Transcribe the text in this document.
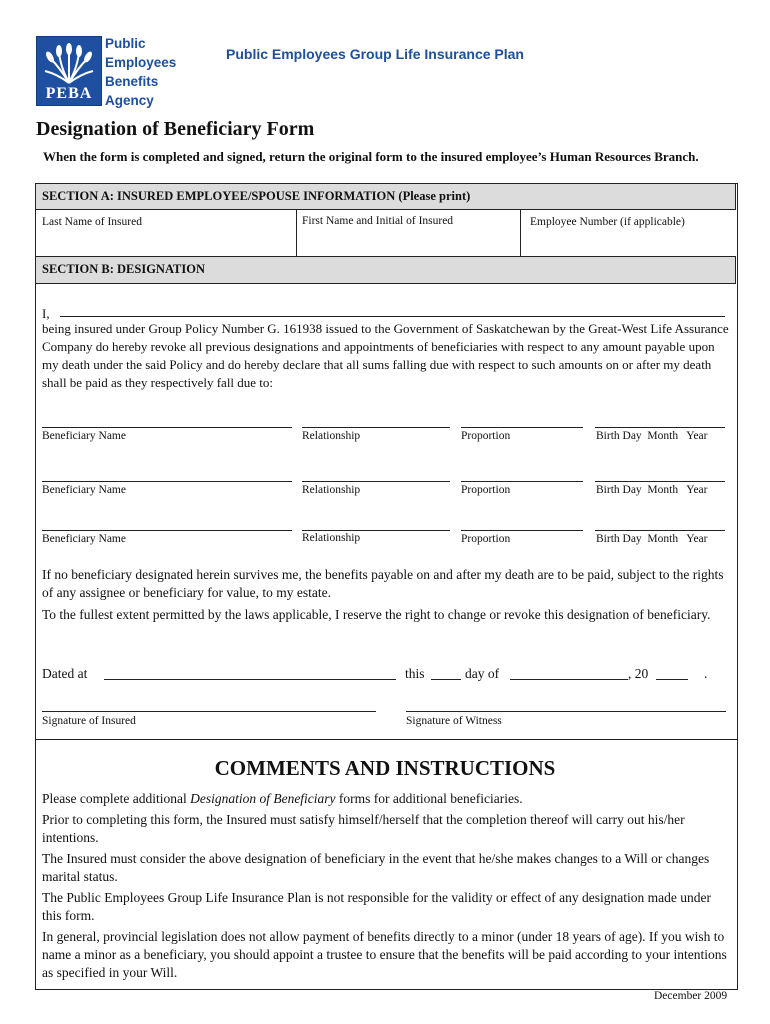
PEBA
Public
Employees
Benefits
Agency
Public Employees Group Life Insurance Plan
Designation of Beneficiary Form
When the form is completed and signed, return the original form to the insured employee’s Human Resources Branch.
SECTION A: INSURED EMPLOYEE/SPOUSE INFORMATION (Please print)
Last Name of Insured	First Name and Initial of Insured	Employee Number (if applicable)
SECTION B: DESIGNATION
I,
being insured under Group Policy Number G. 161938 issued to the Government of Saskatchewan by the Great-West Life Assurance Company do hereby revoke all previous designations and appointments of beneficiaries with respect to any amount payable upon my death under the said Policy and do hereby declare that all sums falling due with respect to such amounts on or after my death shall be paid as they respectively fall due to:
Beneficiary Name	Relationship	Proportion	Birth Day  Month   Year
Beneficiary Name	Relationship	Proportion	Birth Day  Month   Year
Beneficiary Name	Relationship	Proportion	Birth Day  Month   Year
If no beneficiary designated herein survives me, the benefits payable on and after my death are to be paid, subject to the rights of any assignee or beneficiary for value, to my estate.
To the fullest extent permitted by the laws applicable, I reserve the right to change or revoke this designation of beneficiary.
Dated at	this	day of	, 20	.
Signature of Insured	Signature of Witness
COMMENTS AND INSTRUCTIONS
Please complete additional Designation of Beneficiary forms for additional beneficiaries.
Prior to completing this form, the Insured must satisfy himself/herself that the completion thereof will carry out his/her intentions.
The Insured must consider the above designation of beneficiary in the event that he/she makes changes to a Will or changes marital status.
The Public Employees Group Life Insurance Plan is not responsible for the validity or effect of any designation made under this form.
In general, provincial legislation does not allow payment of benefits directly to a minor (under 18 years of age). If you wish to name a minor as a beneficiary, you should appoint a trustee to ensure that the benefits will be paid according to your intentions as specified in your Will.
December 2009
